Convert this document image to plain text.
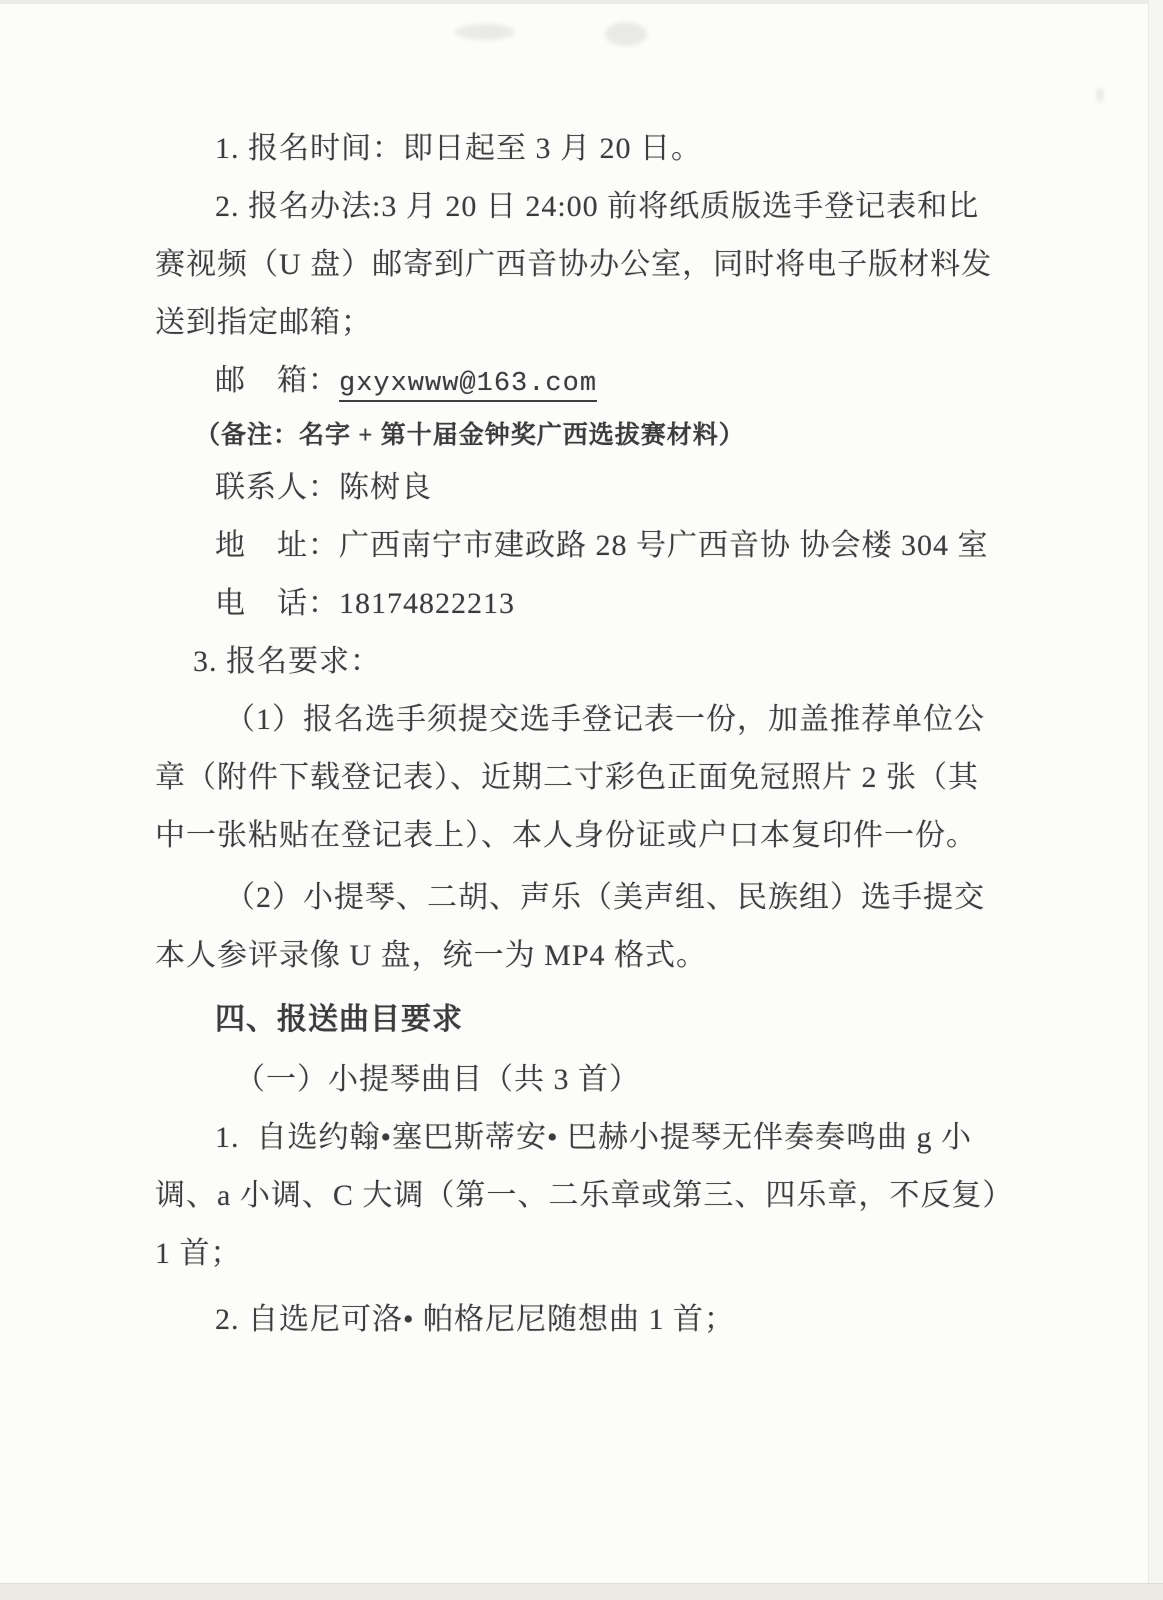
1. 报名时间：即日起至 3 月 20 日。
2. 报名办法:3 月 20 日 24:00 前将纸质版选手登记表和比
赛视频（U 盘）邮寄到广西音协办公室，同时将电子版材料发
送到指定邮箱；
邮　箱：gxyxwww@163.com
（备注：名字 + 第十届金钟奖广西选拔赛材料）
联系人：陈树良
地　址：广西南宁市建政路 28 号广西音协 协会楼 304 室
电　话：18174822213
3. 报名要求：
（1）报名选手须提交选手登记表一份，加盖推荐单位公
章（附件下载登记表）、近期二寸彩色正面免冠照片 2 张（其
中一张粘贴在登记表上）、本人身份证或户口本复印件一份。
（2）小提琴、二胡、声乐（美声组、民族组）选手提交
本人参评录像 U 盘，统一为 MP4 格式。
四、报送曲目要求
（一）小提琴曲目（共 3 首）
1.  自选约翰•塞巴斯蒂安• 巴赫小提琴无伴奏奏鸣曲 g 小
调、a 小调、C 大调（第一、二乐章或第三、四乐章，不反复）
1 首；
2. 自选尼可洛• 帕格尼尼随想曲 1 首；
